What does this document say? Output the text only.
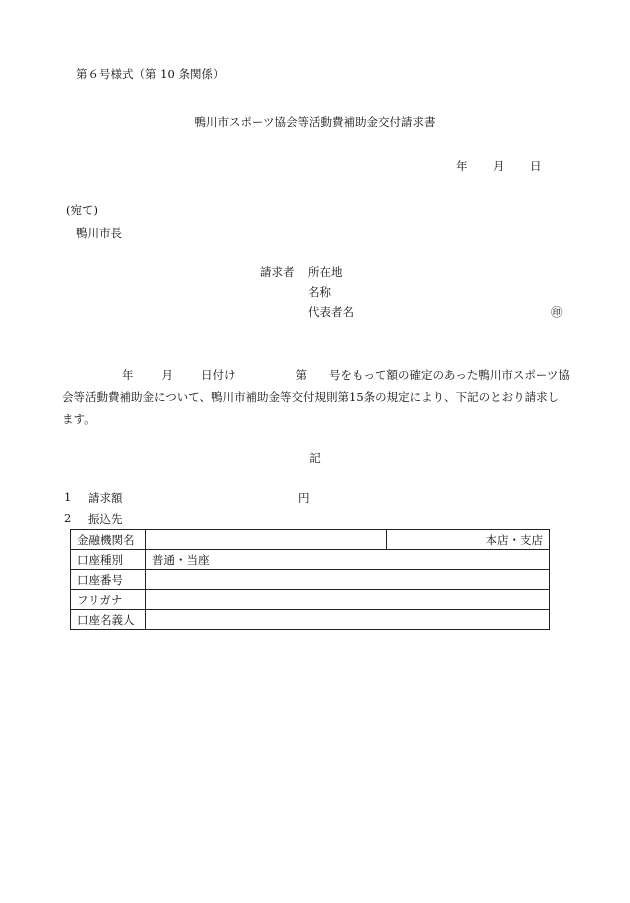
第６号様式（第 10 条関係）
鴨川市スポーツ協会等活動費補助金交付請求書
年 月 日
(宛て)
鴨川市長
請求者 所在地
名称
代表者名	㊞
年 月 日付け	第 号をもって額の確定のあった鴨川市スポーツ協会等活動費補助金について、鴨川市補助金等交付規則第15条の規定により、下記のとおり請求します。
記
1 請求額	円
2 振込先
金融機関名		本店・支店
口座種別	普通・当座	
口座番号		
フリガナ		
口座名義人		
